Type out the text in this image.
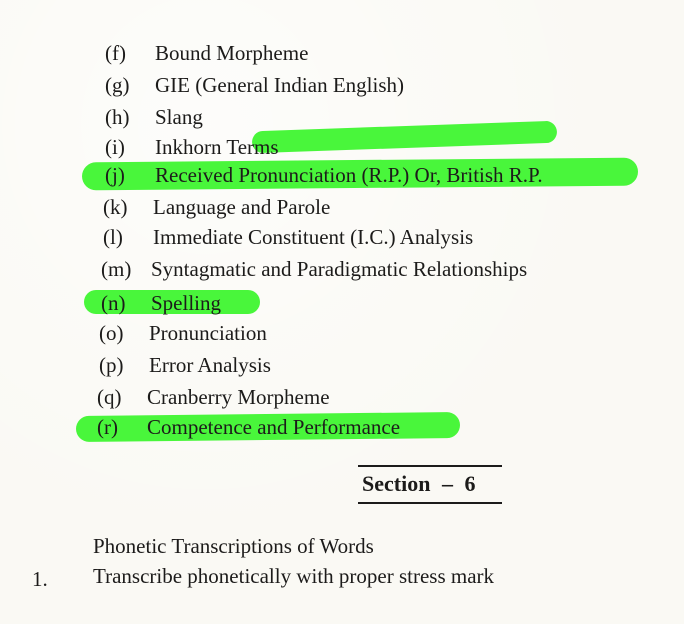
(f) Bound Morpheme
(g) GIE (General Indian English)
(h) Slang
(i) Inkhorn Terms
(j) Received Pronunciation (R.P.) Or, British R.P.
(k) Language and Parole
(l) Immediate Constituent (I.C.) Analysis
(m) Syntagmatic and Paradigmatic Relationships
(n) Spelling
(o) Pronunciation
(p) Error Analysis
(q) Cranberry Morpheme
(r) Competence and Performance
Section – 6
Phonetic Transcriptions of Words
1. Transcribe phonetically with proper stress mark
